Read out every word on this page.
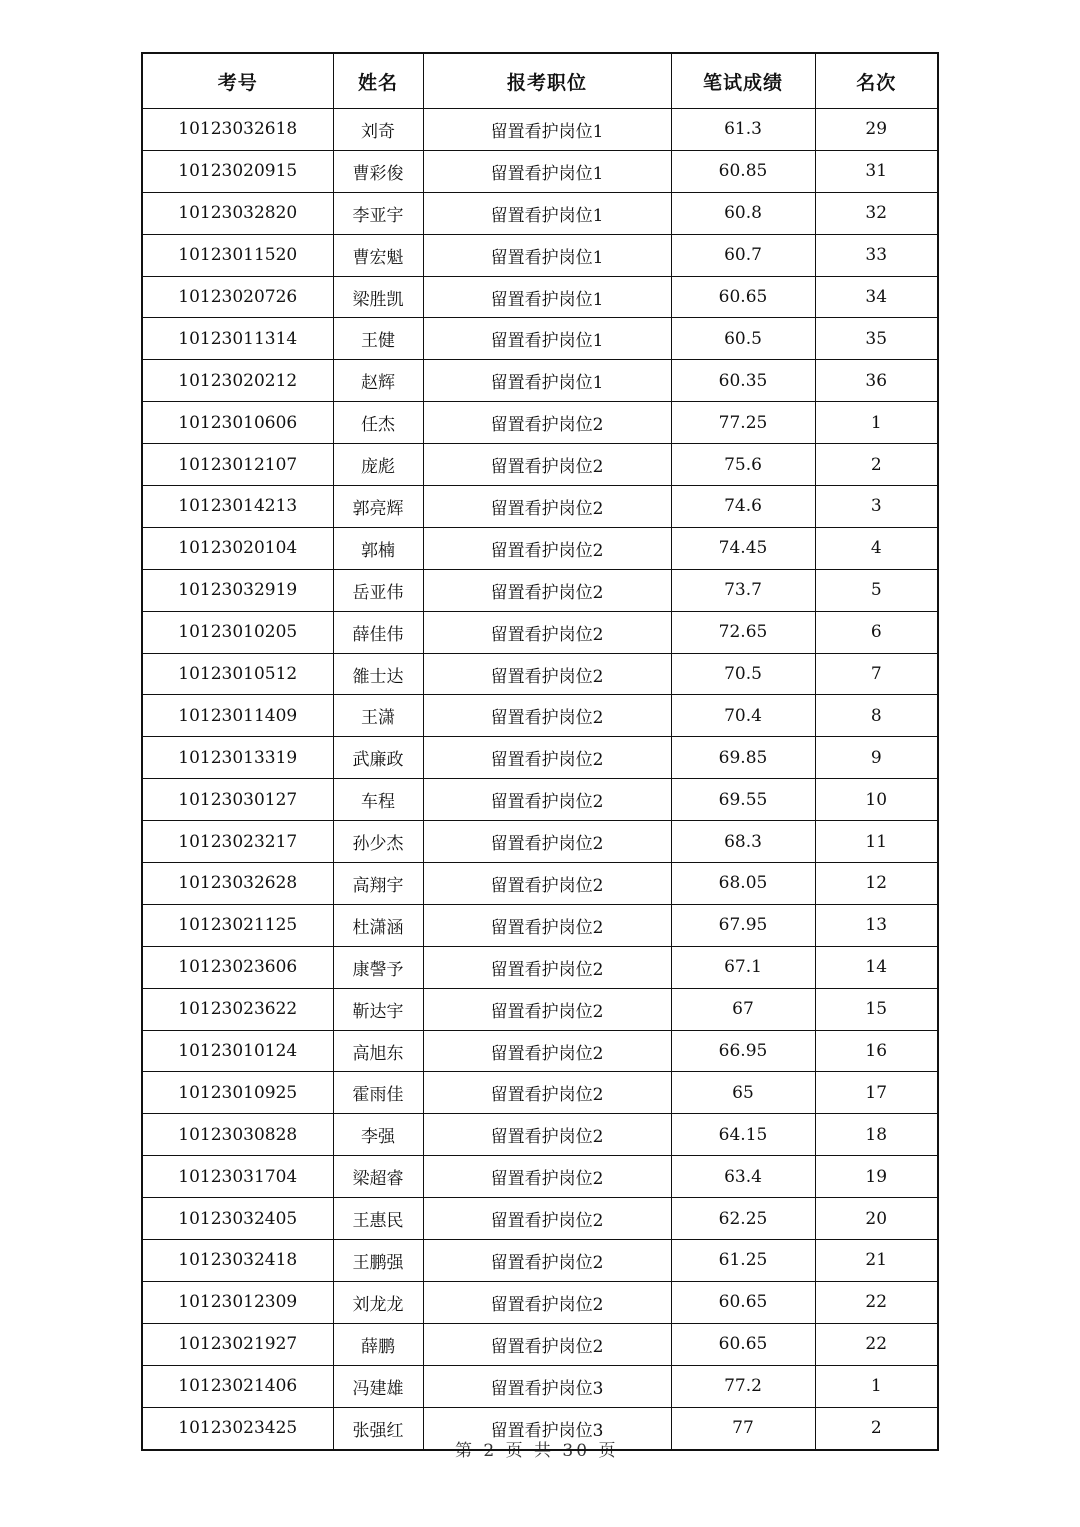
考号	姓名	报考职位	笔试成绩	名次
10123032618	刘奇	留置看护岗位1	61.3	29
10123020915	曹彩俊	留置看护岗位1	60.85	31
10123032820	李亚宇	留置看护岗位1	60.8	32
10123011520	曹宏魁	留置看护岗位1	60.7	33
10123020726	梁胜凯	留置看护岗位1	60.65	34
10123011314	王健	留置看护岗位1	60.5	35
10123020212	赵辉	留置看护岗位1	60.35	36
10123010606	任杰	留置看护岗位2	77.25	1
10123012107	庞彪	留置看护岗位2	75.6	2
10123014213	郭亮辉	留置看护岗位2	74.6	3
10123020104	郭楠	留置看护岗位2	74.45	4
10123032919	岳亚伟	留置看护岗位2	73.7	5
10123010205	薛佳伟	留置看护岗位2	72.65	6
10123010512	雒士达	留置看护岗位2	70.5	7
10123011409	王潇	留置看护岗位2	70.4	8
10123013319	武廉政	留置看护岗位2	69.85	9
10123030127	车程	留置看护岗位2	69.55	10
10123023217	孙少杰	留置看护岗位2	68.3	11
10123032628	高翔宇	留置看护岗位2	68.05	12
10123021125	杜潇涵	留置看护岗位2	67.95	13
10123023606	康謦予	留置看护岗位2	67.1	14
10123023622	靳达宇	留置看护岗位2	67	15
10123010124	高旭东	留置看护岗位2	66.95	16
10123010925	霍雨佳	留置看护岗位2	65	17
10123030828	李强	留置看护岗位2	64.15	18
10123031704	梁超睿	留置看护岗位2	63.4	19
10123032405	王惠民	留置看护岗位2	62.25	20
10123032418	王鹏强	留置看护岗位2	61.25	21
10123012309	刘龙龙	留置看护岗位2	60.65	22
10123021927	薛鹏	留置看护岗位2	60.65	22
10123021406	冯建雄	留置看护岗位3	77.2	1
10123023425	张强红	留置看护岗位3	77	2
第 2 页 共 30 页
